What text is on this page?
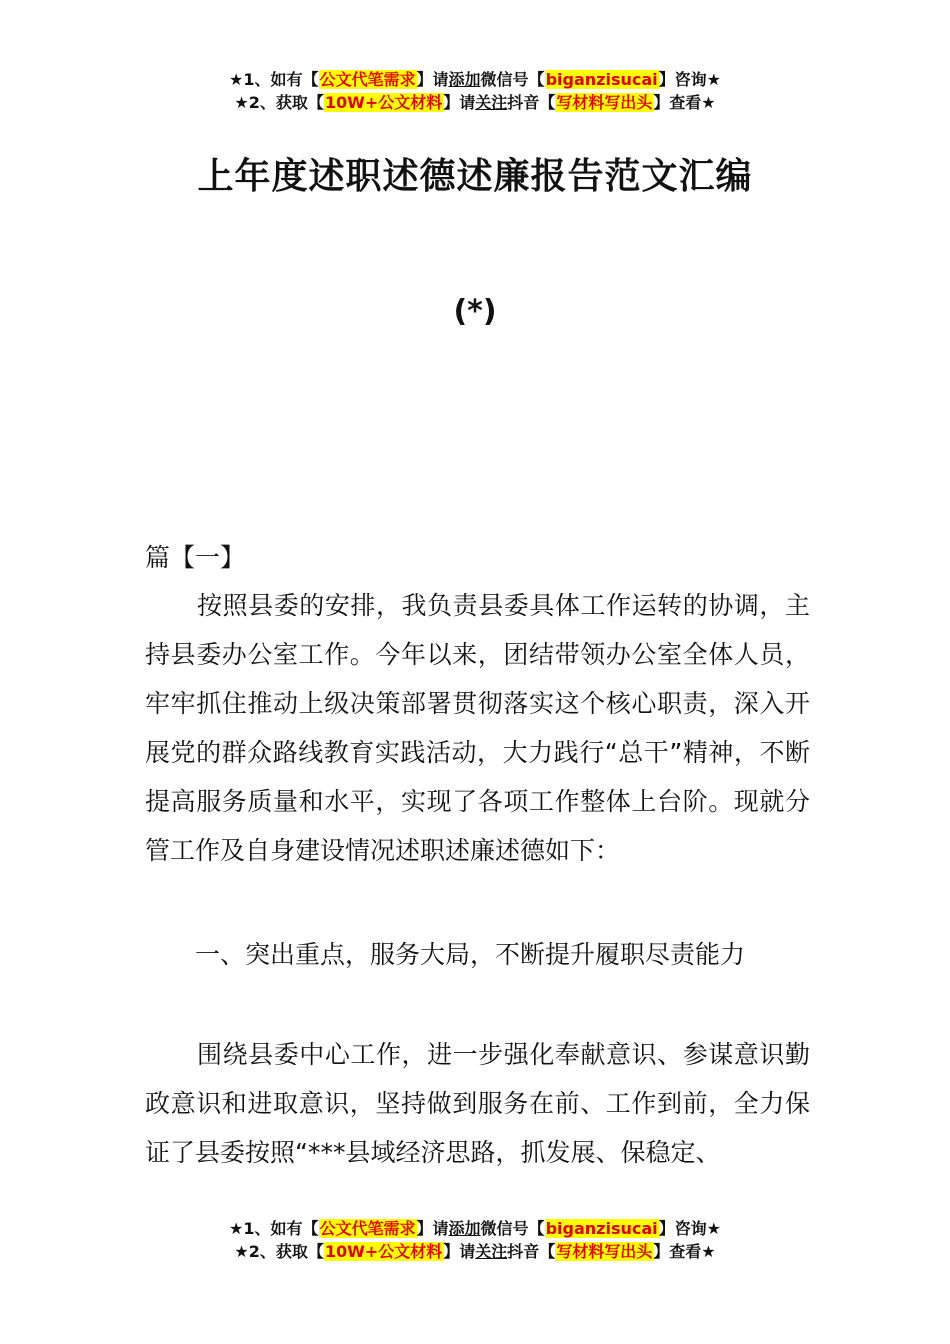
★1、如有【公文代笔需求】请添加微信号【biganzisucai】咨询★
★2、获取【10W+公文材料】请关注抖音【写材料写出头】查看★
上年度述职述德述廉报告范文汇编
(*)
篇【一】

按照县委的安排，我负责县委具体工作运转的协调，主持县委办公室工作。今年以来，团结带领办公室全体人员，牢牢抓住推动上级决策部署贯彻落实这个核心职责，深入开展党的群众路线教育实践活动，大力践行“总干”精神，不断提高服务质量和水平，实现了各项工作整体上台阶。现就分管工作及自身建设情况述职述廉述德如下：

一、突出重点，服务大局，不断提升履职尽责能力

围绕县委中心工作，进一步强化奉献意识、参谋意识勤政意识和进取意识，坚持做到服务在前、工作到前，全力保证了县委按照“***县域经济思路，抓发展、保稳定、

★1、如有【公文代笔需求】请添加微信号【biganzisucai】咨询★
★2、获取【10W+公文材料】请关注抖音【写材料写出头】查看★
